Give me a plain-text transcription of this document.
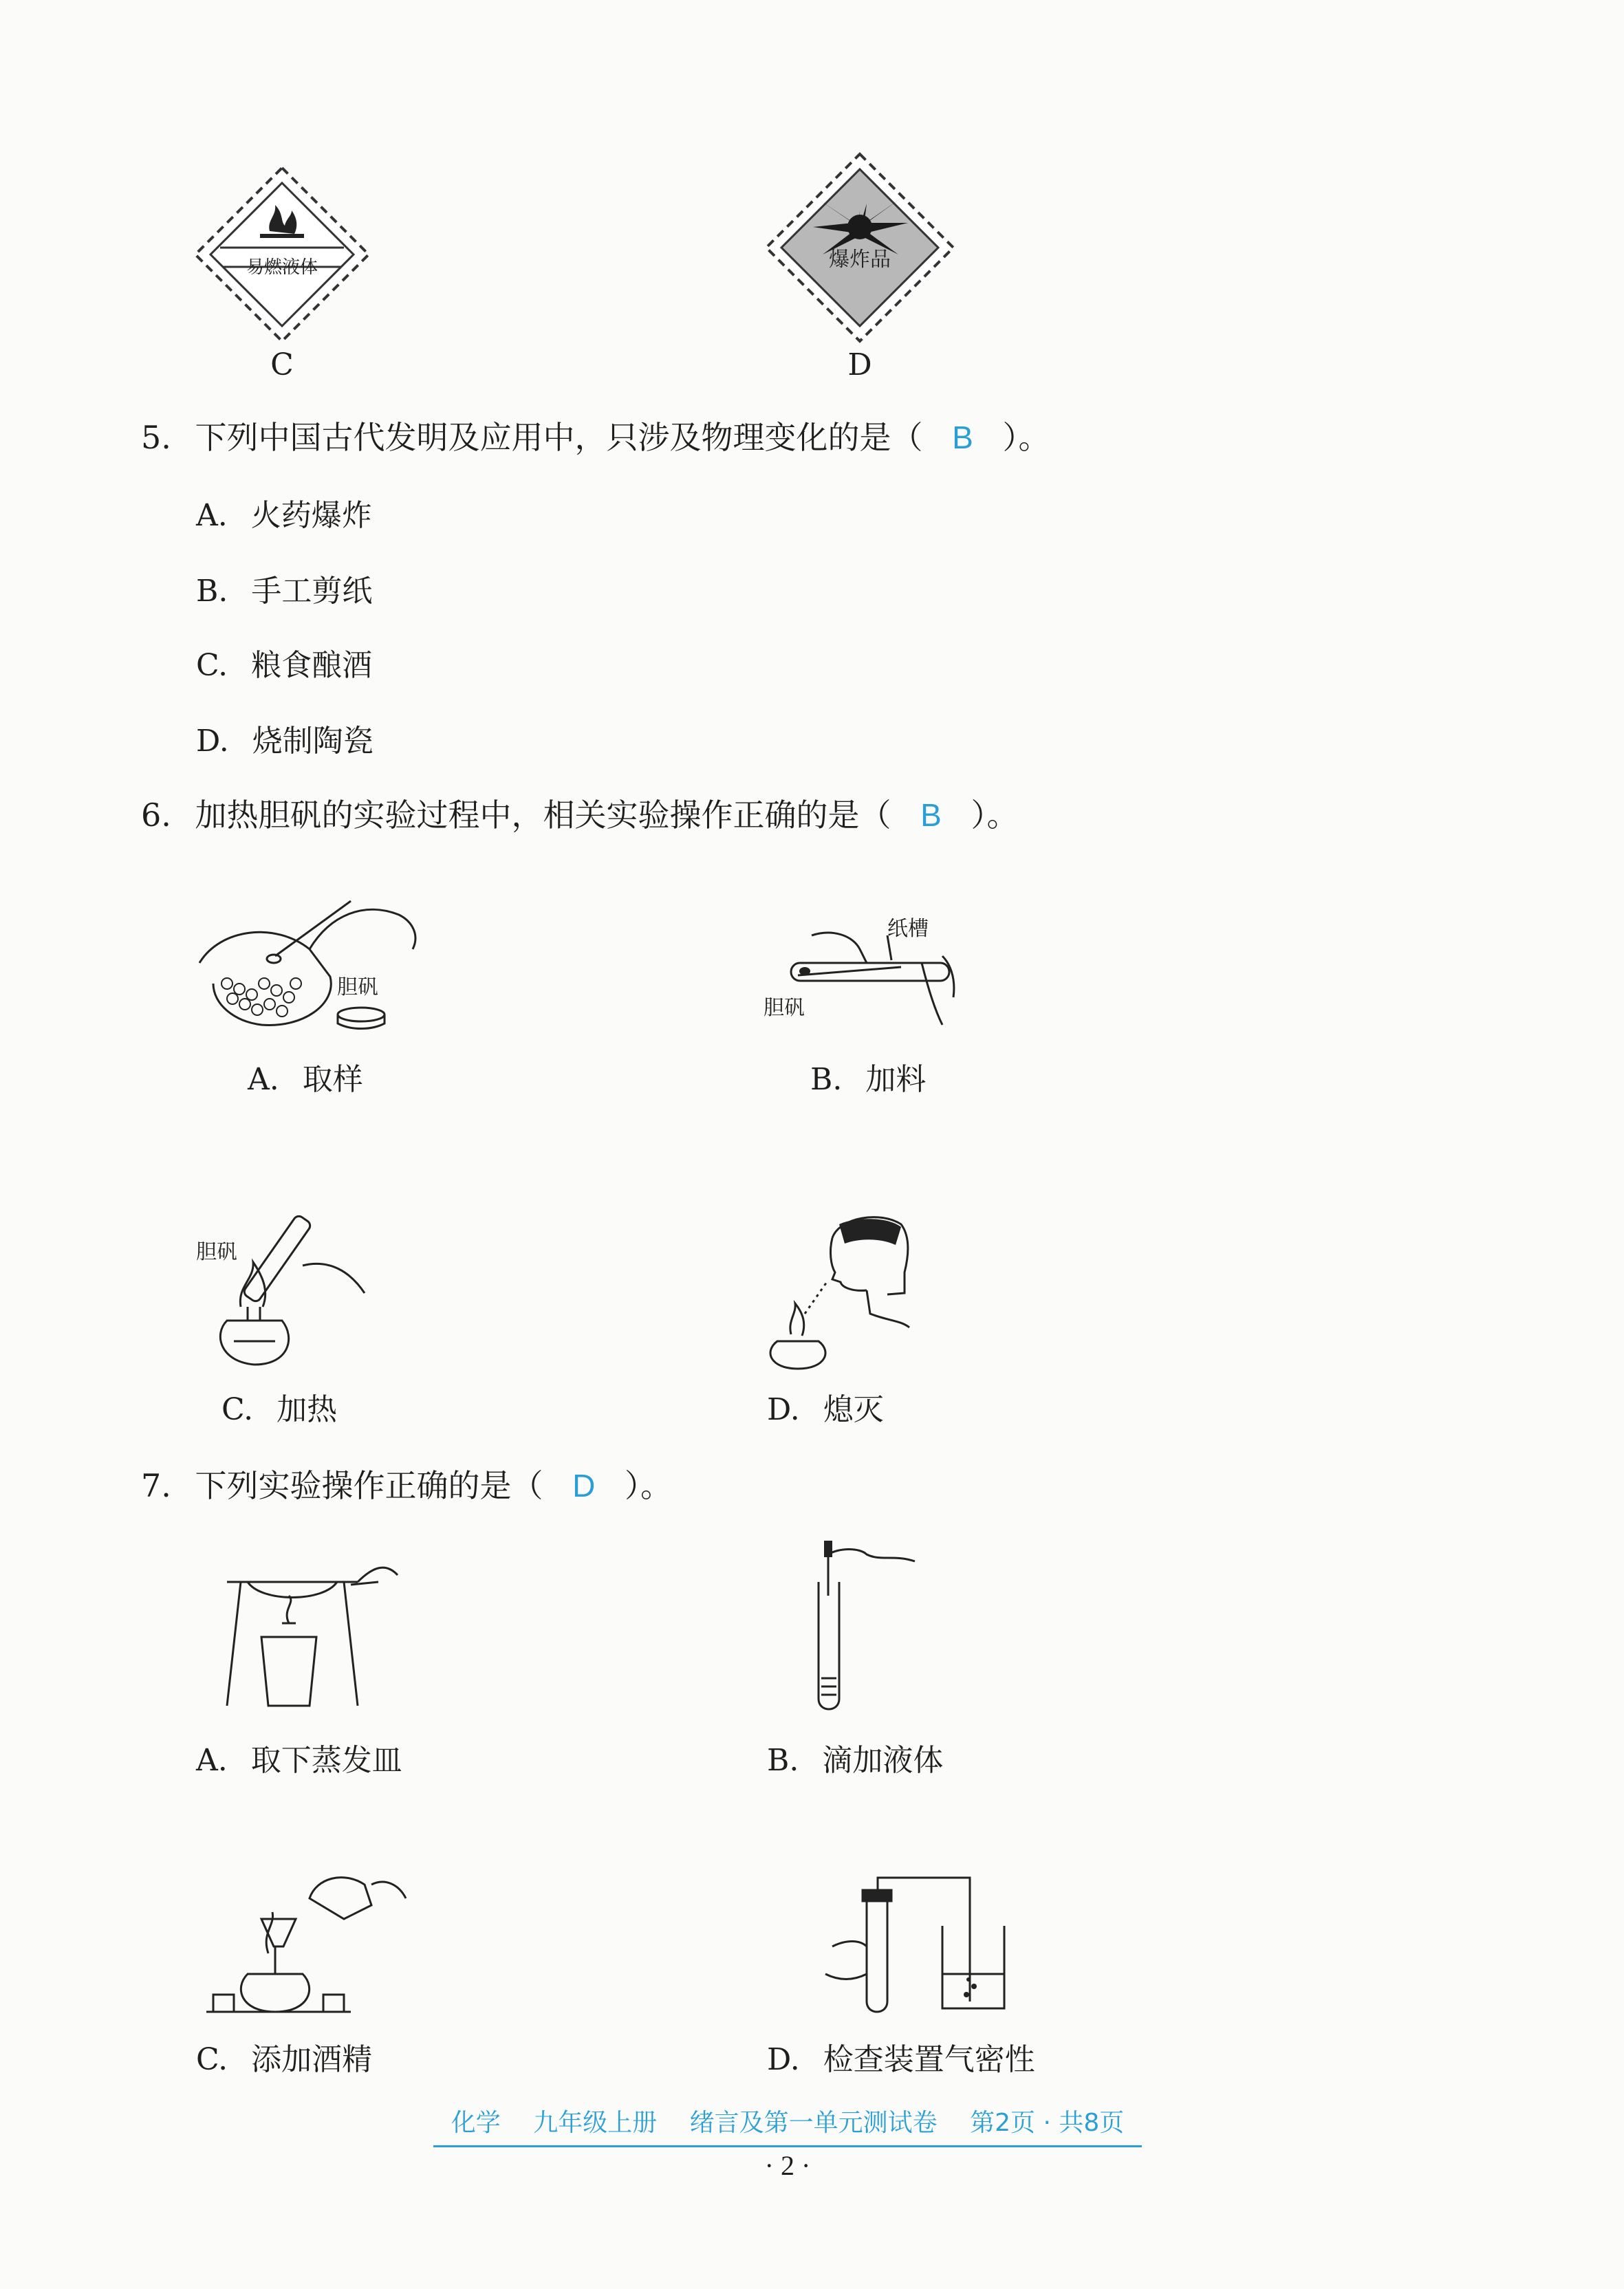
易燃液体
C
爆炸品
D
5. 下列中国古代发明及应用中，只涉及物理变化的是（ B ）。
A. 火药爆炸
B. 手工剪纸
C. 粮食酿酒
D. 烧制陶瓷
6. 加热胆矾的实验过程中，相关实验操作正确的是（ B ）。
胆矾
A. 取样
纸槽
胆矾
B. 加料
胆矾
C. 加热	D. 熄灭
7. 下列实验操作正确的是（ D ）。
A. 取下蒸发皿	B. 滴加液体
C. 添加酒精	D. 检查装置气密性
化学 九年级上册 绪言及第一单元测试卷 第2页 · 共8页
· 2 ·
